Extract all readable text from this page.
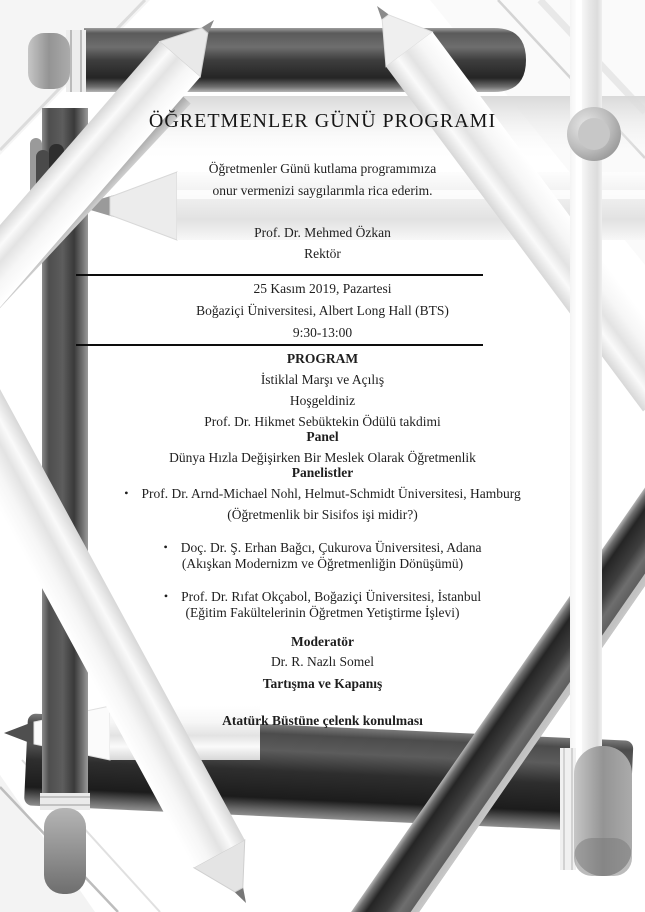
ÖĞRETMENLER GÜNÜ PROGRAMI
Öğretmenler Günü kutlama programımıza
onur vermenizi saygılarımla rica ederim.
Prof. Dr. Mehmed Özkan
Rektör
25 Kasım 2019, Pazartesi
Boğaziçi Üniversitesi, Albert Long Hall (BTS)
9:30-13:00
PROGRAM
İstiklal Marşı ve Açılış
Hoşgeldiniz
Prof. Dr. Hikmet Sebüktekin Ödülü takdimi
Panel
Dünya Hızla Değişirken Bir Meslek Olarak Öğretmenlik
Panelistler
• Prof. Dr. Arnd-Michael Nohl, Helmut-Schmidt Üniversitesi, Hamburg
(Öğretmenlik bir Sisifos işi midir?)
• Doç. Dr. Ş. Erhan Bağcı, Çukurova Üniversitesi, Adana
(Akışkan Modernizm ve Öğretmenliğin Dönüşümü)
• Prof. Dr. Rıfat Okçabol, Boğaziçi Üniversitesi, İstanbul
(Eğitim Fakültelerinin Öğretmen Yetiştirme İşlevi)
Moderatör
Dr. R. Nazlı Somel
Tartışma ve Kapanış
Atatürk Büstüne çelenk konulması
